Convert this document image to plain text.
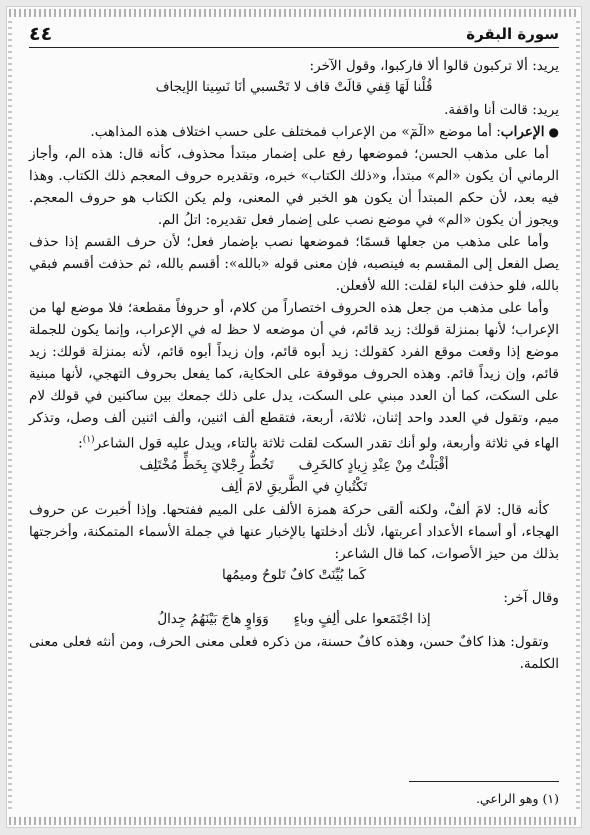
٤٤	سورة البقرة

يريد: ألا تركبون قالوا ألا فاركبوا، وقول الآخر:

قُلْنا لَهَا قِفي قالَتْ قاف لا تَحْسبي أنَا نَسِينا الإيجاف

يريد: قالت أنا واقفة.

●الإعراب: أما موضع «الٓمٓ» من الإعراب فمختلف على حسب اختلاف هذه المذاهب.

أما على مذهب الحسن؛ فموضعها رفع على إضمار مبتدأ محذوف، كأنه قال: هذه الم، وأجاز الرماني أن يكون «الم» مبتدأ، و«ذلك الكتاب» خبره، وتقديره حروف المعجم ذلك الكتاب. وهذا فيه بعد، لأن حكم المبتدأ أن يكون هو الخبر في المعنى، ولم يكن الكتاب هو حروف المعجم. ويجوز أن يكون «الم» في موضع نصب على إضمار فعل تقديره: اتلُ الم.

وأما على مذهب من جعلها قسمًا؛ فموضعها نصب بإضمار فعل؛ لأن حرف القسم إذا حذف يصل الفعل إلى المقسم به فينصبه، فإن معنى قوله «بالله»: أقسم بالله، ثم حذفت أقسم فبقي بالله، فلو حذفت الباء لقلت: الله لأفعلن.

وأما على مذهب من جعل هذه الحروف اختصاراً من كلام، أو حروفاً مقطعة؛ فلا موضع لها من الإعراب؛ لأنها بمنزلة قولك: زيد قائم، في أن موضعه لا حظ له في الإعراب، وإنما يكون للجملة موضع إذا وقعت موقع الفرد كقولك: زيد أبوه قائم، وإن زيداً أبوه قائم، لأنه بمنزلة قولك: زيد قائم، وإن زيداً قائم. وهذه الحروف موقوفة على الحكاية، كما يفعل بحروف التهجي، لأنها مبنية على السكت، كما أن العدد مبني على السكت، يدل على ذلك جمعك بين ساكنين في قولك لام ميم، وتقول في العدد واحد إثنان، ثلاثة، أربعة، فتقطع ألف اثنين، وألف اثنين ألف وصل، وتذكر الهاء في ثلاثة وأربعة، ولو أنك تقدر السكت لقلت ثلاثة بالتاء، ويدل عليه قول الشاعر$^{(١)}$:

أقْبَلْتُ مِنْ عِنْدِ زِيادٍ كالخَرِف تَخُطُّ رِجْلايَ بِخَطٍّ مُخْتَلِف

تَكْتُبانِ في الطَّريقِ لامَ ألِف

كأنه قال: لامَ ألفْ، ولكنه ألقى حركة همزة الألف على الميم ففتحها. وإذا أخبرت عن حروف الهجاء، أو أسماء الأعداد أعربتها، لأنك أدخلتها بالإخبار عنها في جملة الأسماء المتمكنة، وأخرجتها بذلك من حيز الأصوات، كما قال الشاعر:

كَما بُيِّنَتْ كافٌ تَلوحُ وميمُها

وقال آخر:

إذا اجْتَمَعوا على ألِفٍ وباءٍ وَوَاوٍ هاجَ بَيْنَهُمُ جِدالُ

وتقول: هذا كافٌ حسن، وهذه كافٌ حسنة، من ذكره فعلى معنى الحرف، ومن أنثه فعلى معنى الكلمة.

(١) وهو الراعي.
